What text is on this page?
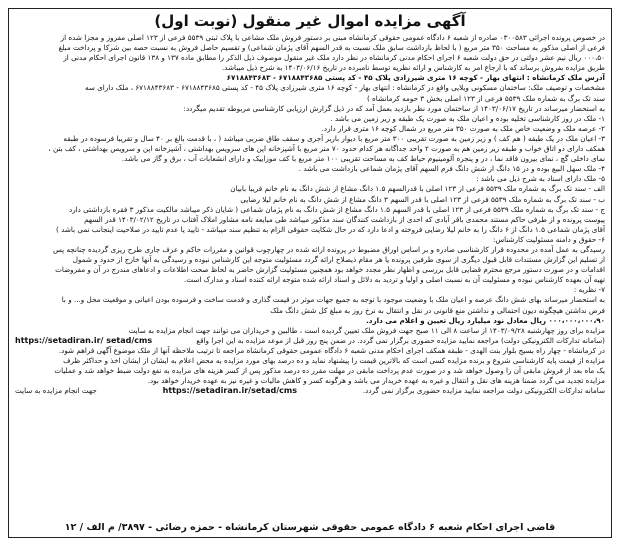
آگهی مزایده اموال غیر منقول (نوبت اول)

در خصوص پرونده اجرائی ۰۳۰۰۵۸۳ صادره از شعبه ۶ دادگاه عمومی حقوقی کرمانشاه مبنی بر دستور فروش ملک مشاعی با پلاک ثبتی ۵۵۳۹ فرعی از ۱۲۳ اصلی مفروز و مجزا شده از

فرعی از اصلی مذکور به مساحت ۳۵۰ متر مربع ( با لحاظ بازداشت سابق ملک نسبت به قدر السهم آقای پژمان شماعی) و تقسیم حاصل فروش به نسبت حصه بین شرکا و پرداخت مبلغ

۰۰۰،۵۰ ریال نیم عشر دولتی در حق دولت شعبه ۶ اجرای احکام مدنی کرمانشاه در نظر دارد ملک غیر منقول موصوف ذیل الذکر را مطابق ماده ۱۳۷ و ۱۳۸ قانون اجرای احکام مدنی از

طریق مزایده بفروش برساند که با ارجاع امر به کارشناس و ارائه نظریه توسط نامبرده در تاریخ ۱۴۰۳/۰۶/۱۶ به شرح ذیل میباشد.

آدرس ملک کرمانشاه : انتهای بهار - کوچه ۱۶ متری شیرزادی پلاک ۴۵ - کد پستی ۶۷۱۸۸۴۳۶۸۵ - ۶۷۱۸۸۴۳۶۸۳

مشخصات و توصیف ملک: ساختمان مسکونی ویلایی واقع در کرمانشاه : انتهای بهار - کوچه ۱۶ متری شیرزادی پلاک ۴۵ - کد پستی ۶۷۱۸۸۴۳۶۸۵ - ۶۷۱۸۸۴۳۶۸۳ ، ملک دارای سه

سند تک برگ به شماره ملک ۵۵۳۹ فرعی از ۱۲۳ اصلی بخش ۳ حومه کرمانشاه )

به استحضار میرساند در تاریخ ۱۴۰۳/۰۶/۱۷ از ساختمان مورد نظر بازدید بعمل آمد که در ذیل گزارش ارزیابی کارشناسی مربوطه تقدیم میگردد:

۱- ملک در روز کارشناسی تخلیه بوده و اعیان ملک به صورت یک طبقه و زیر زمین می باشد .

۲- عرصه ملک و وضعیت خاص ملک به صورت ۳۵۰ متر مربع در شمال کوچه ۱۶ متری قرار دارد.

۳- اعیان ملک در یک طبقه ( هم کف ) و زیر زمین به صورت تقریبی ۳۰۰ متر مربع با دیوار باربر آجری و سقف طاق ضربی میباشد ( ، با قدمت بالغ بر ۴۰ سال و تقریبا فرسوده در طبقه

همکف دارای دو اتاق خواب و طبقه زیر زمین هم به صورت ۲ واحد جداگانه هر کدام حدود ۷۰ متر مربع با آشپزخانه اپن های سرویس بهداشتی ، آشپزخانه اپن و سرویس بهداشتی ، کف بتن ،

نمای داخلی گچ ، نمای بیرون فاقد نما ، در و پنجره آلومینیوم حیاط کف به مساحت تقریبی ۱۰۰ متر مربع با کف موزاییک و دارای انشعابات آب ، برق و گاز می باشد.

۴- ملک سهل البیع بوده و در ۱۵ دانگ از شش دانگ فرم السهم آقای پژمان شماعی بازداشت می باشد .

۵- ملک دارای اسناد به شرح ذیل می باشد :

الف - سند تک برگ به شماره ملک ۵۵۳۹ فرعی از ۱۲۳ اصلی با قدرالسهم ۱.۵ دانگ مشاع از شش دانگ به نام خانم فریبا بابیان

ب - سند تک برگ به شماره ملک ۵۵۳۹ فرعی از ۱۲۳ اصلی با قدر السهم ۳ دانگ مشاع از شش دانگ به نام خانم لیلا رضایی

ج - سند تک برگ به شماره ملک ۵۵۳۹ فرعی از ۱۲۳ اصلی با قدر السهم ۱.۵ دانگ مشاع از شش دانگ به نام پژمان شماعی ( شایان ذکر میباشد مالکیت مذکور ۳ فقره بازداشتی دارد

پیوست پرونده و از طرفی حاکم مستند محمدی باقر آبادی که احدی از بازداشت کنندگان سند مذکور میباشد طی مبایعه نامه مشاور املاک آفتاب در تاریخ ۱۴۰۳/۰۲/۱۲ قدر السهم

آقای پژمان شماعی ۱.۵ دانگ از ۶ دانگ را به خانم لیلا رضایی فروخته و ادعا دارد که در حال شکایت حقوقی الزام به تنظیم سند میباشد - تایید یا عدم تایید در صلاحیت اینجانب نمی باشد )

۶- حقوق و دامنه مسئولیت کارشناس:

رسیدگی به عمل آمده در محدوده قرار کارشناسی صادره و بر اساس اوراق مضبوط در پرونده ارائه شده در چهارچوب قوانین و مقررات حاکم و عرف جاری طرح ریزی گردیده چنانچه پس

از تسلیم این گزارش مستندات قابل قبول دیگری از سوی طرفین پرونده یا هر مقام ذیصلاح ارائه گردد مسئولیت متوجه این کارشناس نبوده و رسیدگی به آنها خارج از حدود و شمول

اقدامات و در صورت دستور مرجع محترم قضایی قابل بررسی و اظهار نظر مجدد خواهد بود همچنین مسئولیت گزارش حاضر به لحاظ صحت اطلاعات و ادعاهای مندرج در آن و مفروضات

تهیه آن بعهده کارشناس نبوده و مسئولیت آن به نسبت اصلی و اولیا و تردید به دلائل و اسناد ارائه شده متوجه ارائه کننده اسناد و مدارک است.

۷- نظریه :

به استحضار میرساند بهای شش دانگ عرصه و اعیان ملک با وضعیت موجود با توجه به جمیع جهات موثر در قیمت گذاری و قدمت ساخت و فرسوده بودن اعیانی و موقعیت محل و... و با

فرض نداشتن هیچگونه دیون احتمالی و نداشتن منع قانونی در نقل و انتقال به نرخ روز به مبلغ کل شش دانگ ملک

۰۰۰،۰۰۰،۰۰۰،۹۰ ریال معادل نود میلیارد ریال تعیین و اعلام می دارد.

مزایده برای روز چهارشنبه ۱۴۰۳/۰۹/۲۸ از ساعت ۸ الی ۱۱ صبح جهت فروش ملک تعیین گردیده است ، طالبین و خریداران می توانند جهت انجام مزایده به سایت

(سامانه تدارکات الکترونیکی دولت) مراجعه نمایید مزایده حضوری برگزار نمی گردد. در ضمن پنج روز قبل از موعد مزایده به این اجرا واقع
https://setadiran.ir/ setad/cms

در کرمانشاه - چهار راه بسیج بلوار بنت الهدی - طبقه همکف اجرای احکام مدنی شعبه ۶ دادگاه عمومی حقوقی کرمانشاه مراجعه تا ترتیب ملاحظه آنها از ملک موضوع آگهی فراهم شود.

مزایده از قیمت پایه کارشناسی شروع و برنده مزایده کسی است که بالاترین قیمت را پیشنهاد نماید و ده درصد بهای مورد مزایده به محض اعلام به ایشان از ایشان اخذ و حداکثر ظرف

یک ماه بعد از فروش مابقی آن را وصول خواهد شد و در صورت عدم پرداخت مابقی در مهلت مقرر ده درصد مذکور پس از کسر هزینه های مزایده به نفع دولت ضبط خواهد شد و عملیات

مزایده تجدید می گردد ضمنا هزینه های نقل و انتقال و غیره به عهده خریدار می باشد و هرگونه کسر و کاهش مالیات و غیره نیز به عهده خریدار خواهد بود.

سامانه تدارکات الکترونیکی دولت مراجعه نمایید مزایده حضوری برگزار نمی گردد.
https://setadiran.ir/setad/cms
جهت انجام مزایده به سایت
قاضی اجرای احکام شعبه ۶ دادگاه عمومی حقوقی شهرستان کرمانشاه - حمزه رضائی - ۳۸۹۷/ م الف / ۱۲
